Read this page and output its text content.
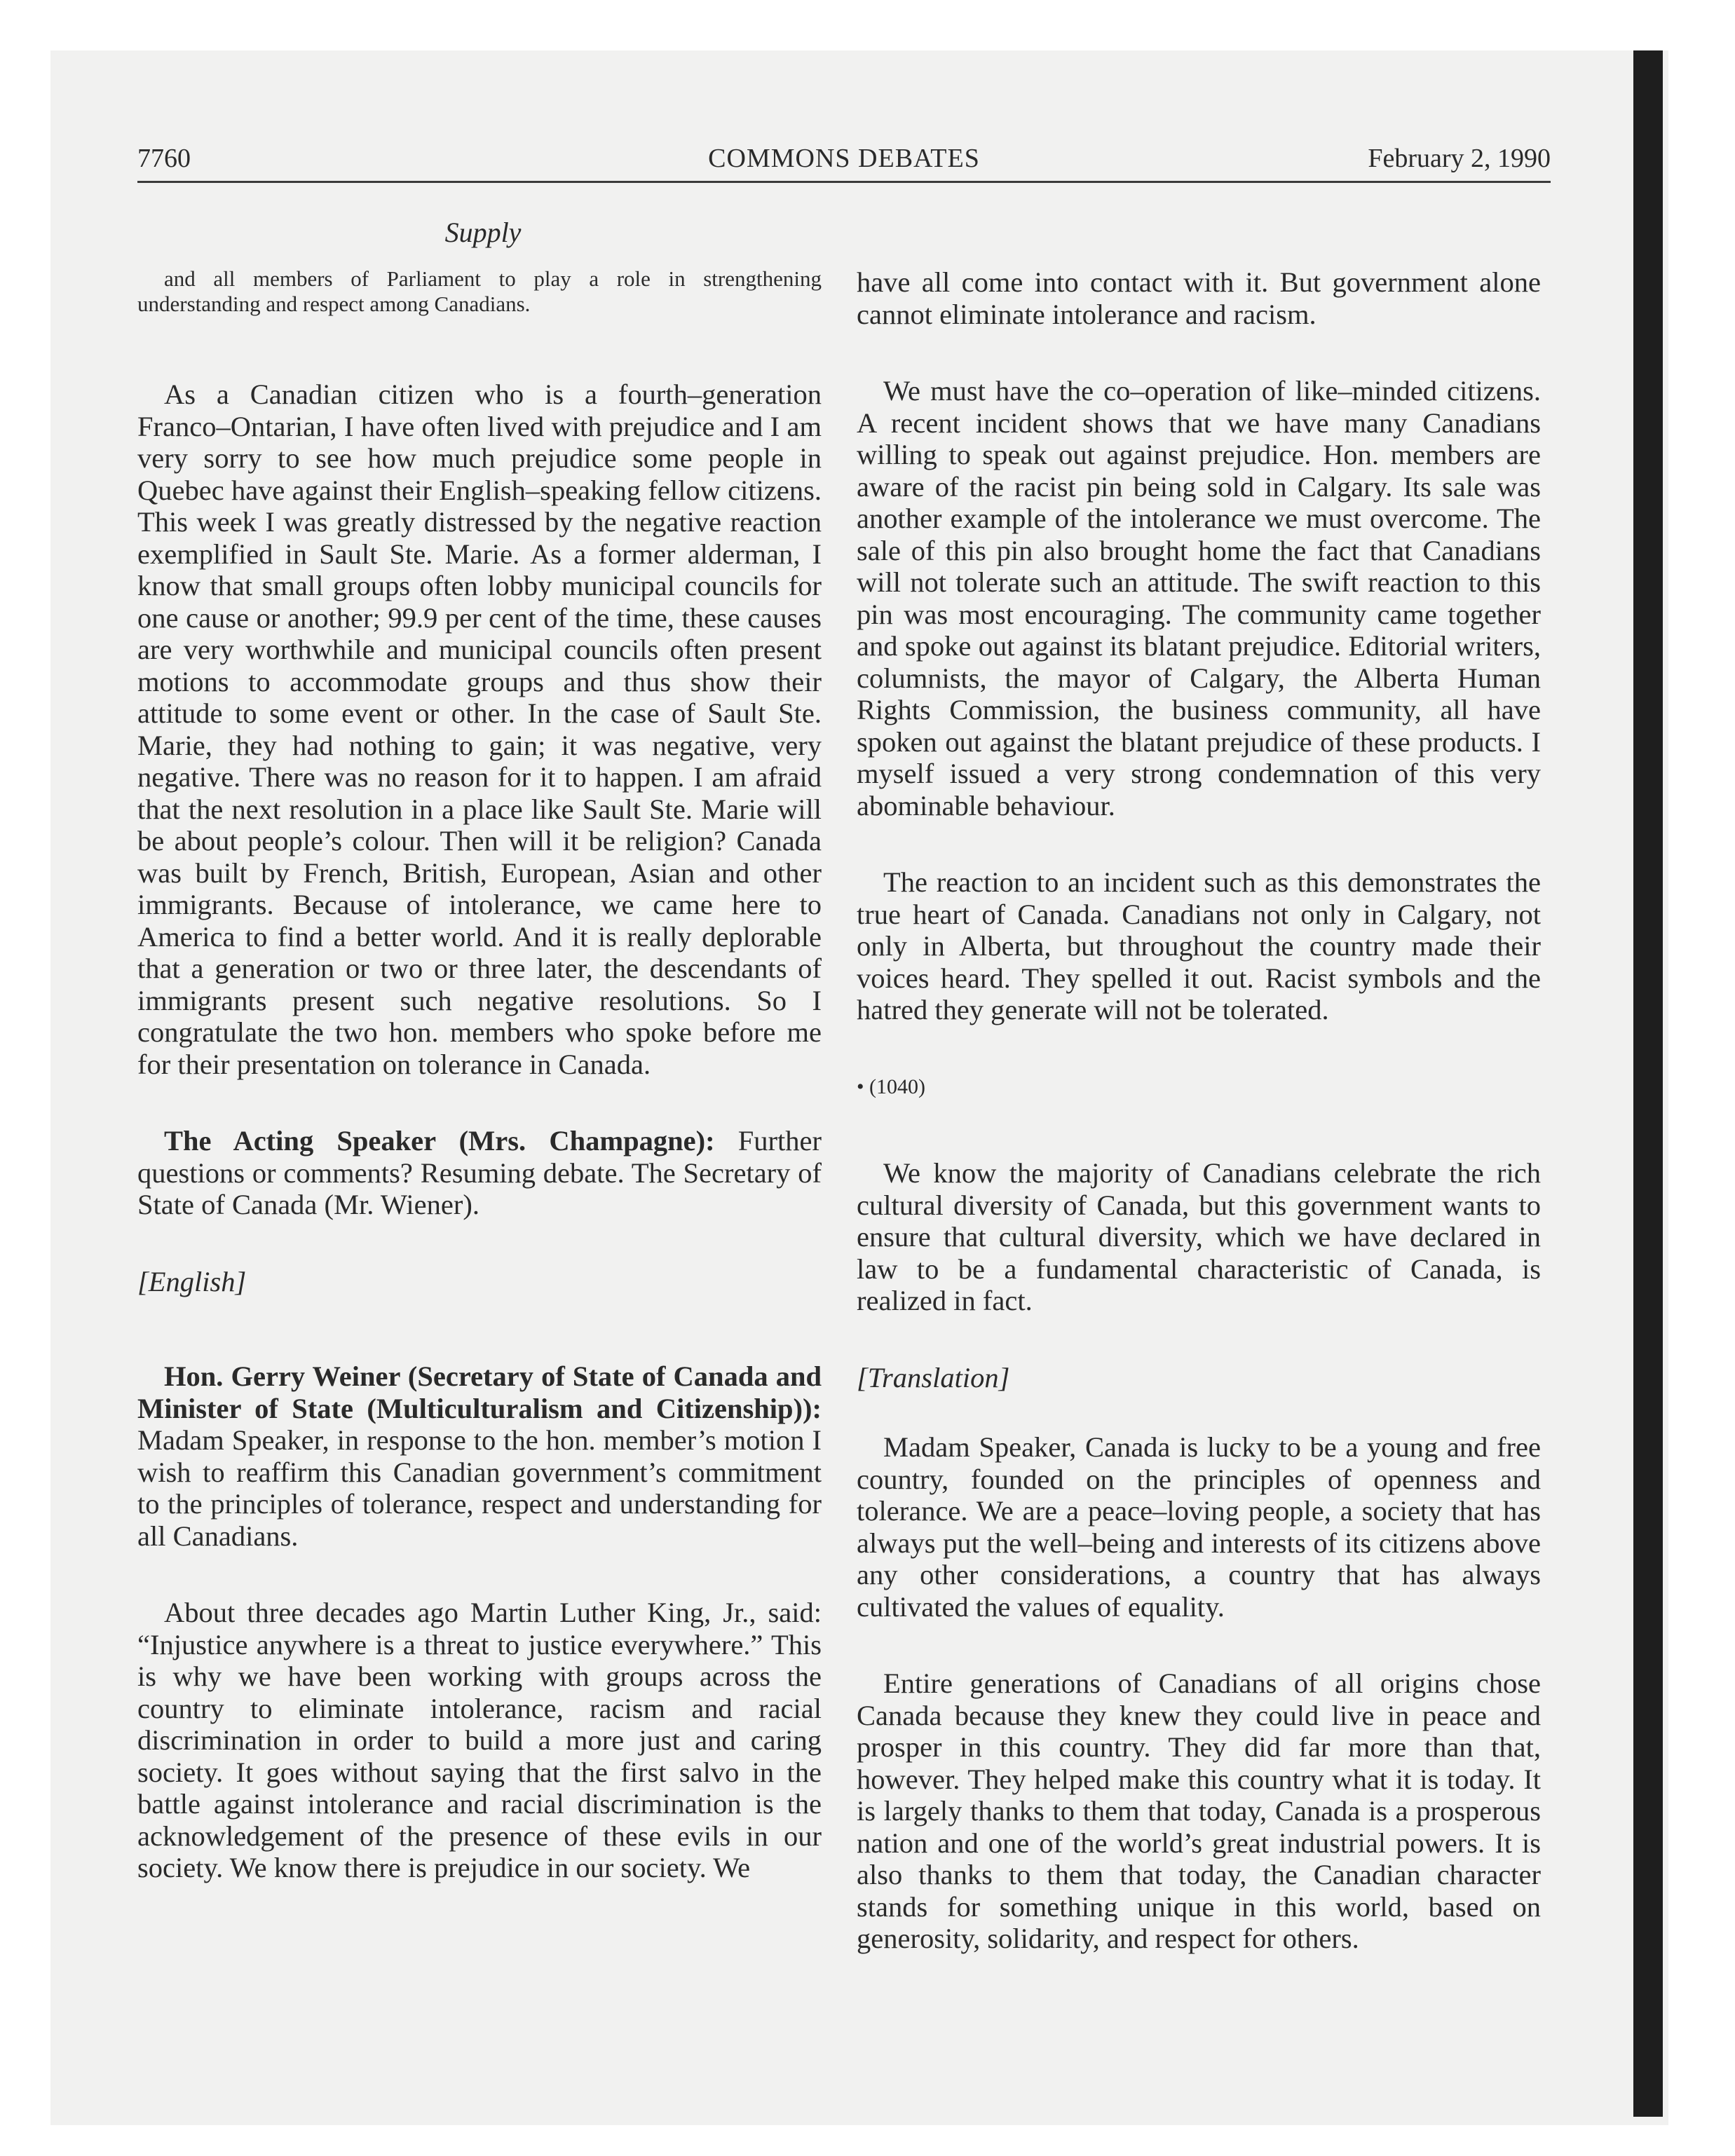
7760	COMMONS DEBATES	February 2, 1990
Supply

and all members of Parliament to play a role in strengthening understanding and respect among Canadians.

As a Canadian citizen who is a fourth–generation Franco–Ontarian, I have often lived with prejudice and I am very sorry to see how much prejudice some people in Quebec have against their English–speaking fellow citizens. This week I was greatly distressed by the negative reaction exemplified in Sault Ste. Marie. As a former alderman, I know that small groups often lobby municipal councils for one cause or another; 99.9 per cent of the time, these causes are very worthwhile and municipal councils often present motions to accommodate groups and thus show their attitude to some event or other. In the case of Sault Ste. Marie, they had nothing to gain; it was negative, very negative. There was no reason for it to happen. I am afraid that the next resolution in a place like Sault Ste. Marie will be about people’s colour. Then will it be religion? Canada was built by French, British, European, Asian and other immigrants. Because of intolerance, we came here to America to find a better world. And it is really deplorable that a generation or two or three later, the descendants of immigrants present such negative resolutions. So I congratulate the two hon. members who spoke before me for their presentation on tolerance in Canada.

The Acting Speaker (Mrs. Champagne): Further questions or comments? Resuming debate. The Secretary of State of Canada (Mr. Wiener).

[English]

Hon. Gerry Weiner (Secretary of State of Canada and Minister of State (Multiculturalism and Citizenship)): Madam Speaker, in response to the hon. member’s motion I wish to reaffirm this Canadian government’s commitment to the principles of tolerance, respect and understanding for all Canadians.

About three decades ago Martin Luther King, Jr., said: “Injustice anywhere is a threat to justice everywhere.” This is why we have been working with groups across the country to eliminate intolerance, racism and racial discrimination in order to build a more just and caring society. It goes without saying that the first salvo in the battle against intolerance and racial discrimination is the acknowledgement of the presence of these evils in our society. We know there is prejudice in our society. We

have all come into contact with it. But government alone cannot eliminate intolerance and racism.

We must have the co–operation of like–minded citizens. A recent incident shows that we have many Canadians willing to speak out against prejudice. Hon. members are aware of the racist pin being sold in Calgary. Its sale was another example of the intolerance we must overcome. The sale of this pin also brought home the fact that Canadians will not tolerate such an attitude. The swift reaction to this pin was most encouraging. The community came together and spoke out against its blatant prejudice. Editorial writers, columnists, the mayor of Calgary, the Alberta Human Rights Commission, the business community, all have spoken out against the blatant prejudice of these products. I myself issued a very strong condemnation of this very abominable behaviour.

The reaction to an incident such as this demonstrates the true heart of Canada. Canadians not only in Calgary, not only in Alberta, but throughout the country made their voices heard. They spelled it out. Racist symbols and the hatred they generate will not be tolerated.

• (1040)

We know the majority of Canadians celebrate the rich cultural diversity of Canada, but this government wants to ensure that cultural diversity, which we have declared in law to be a fundamental characteristic of Canada, is realized in fact.

[Translation]

Madam Speaker, Canada is lucky to be a young and free country, founded on the principles of openness and tolerance. We are a peace–loving people, a society that has always put the well–being and interests of its citizens above any other considerations, a country that has always cultivated the values of equality.

Entire generations of Canadians of all origins chose Canada because they knew they could live in peace and prosper in this country. They did far more than that, however. They helped make this country what it is today. It is largely thanks to them that today, Canada is a prosperous nation and one of the world’s great industrial powers. It is also thanks to them that today, the Canadian character stands for something unique in this world, based on generosity, solidarity, and respect for others.
